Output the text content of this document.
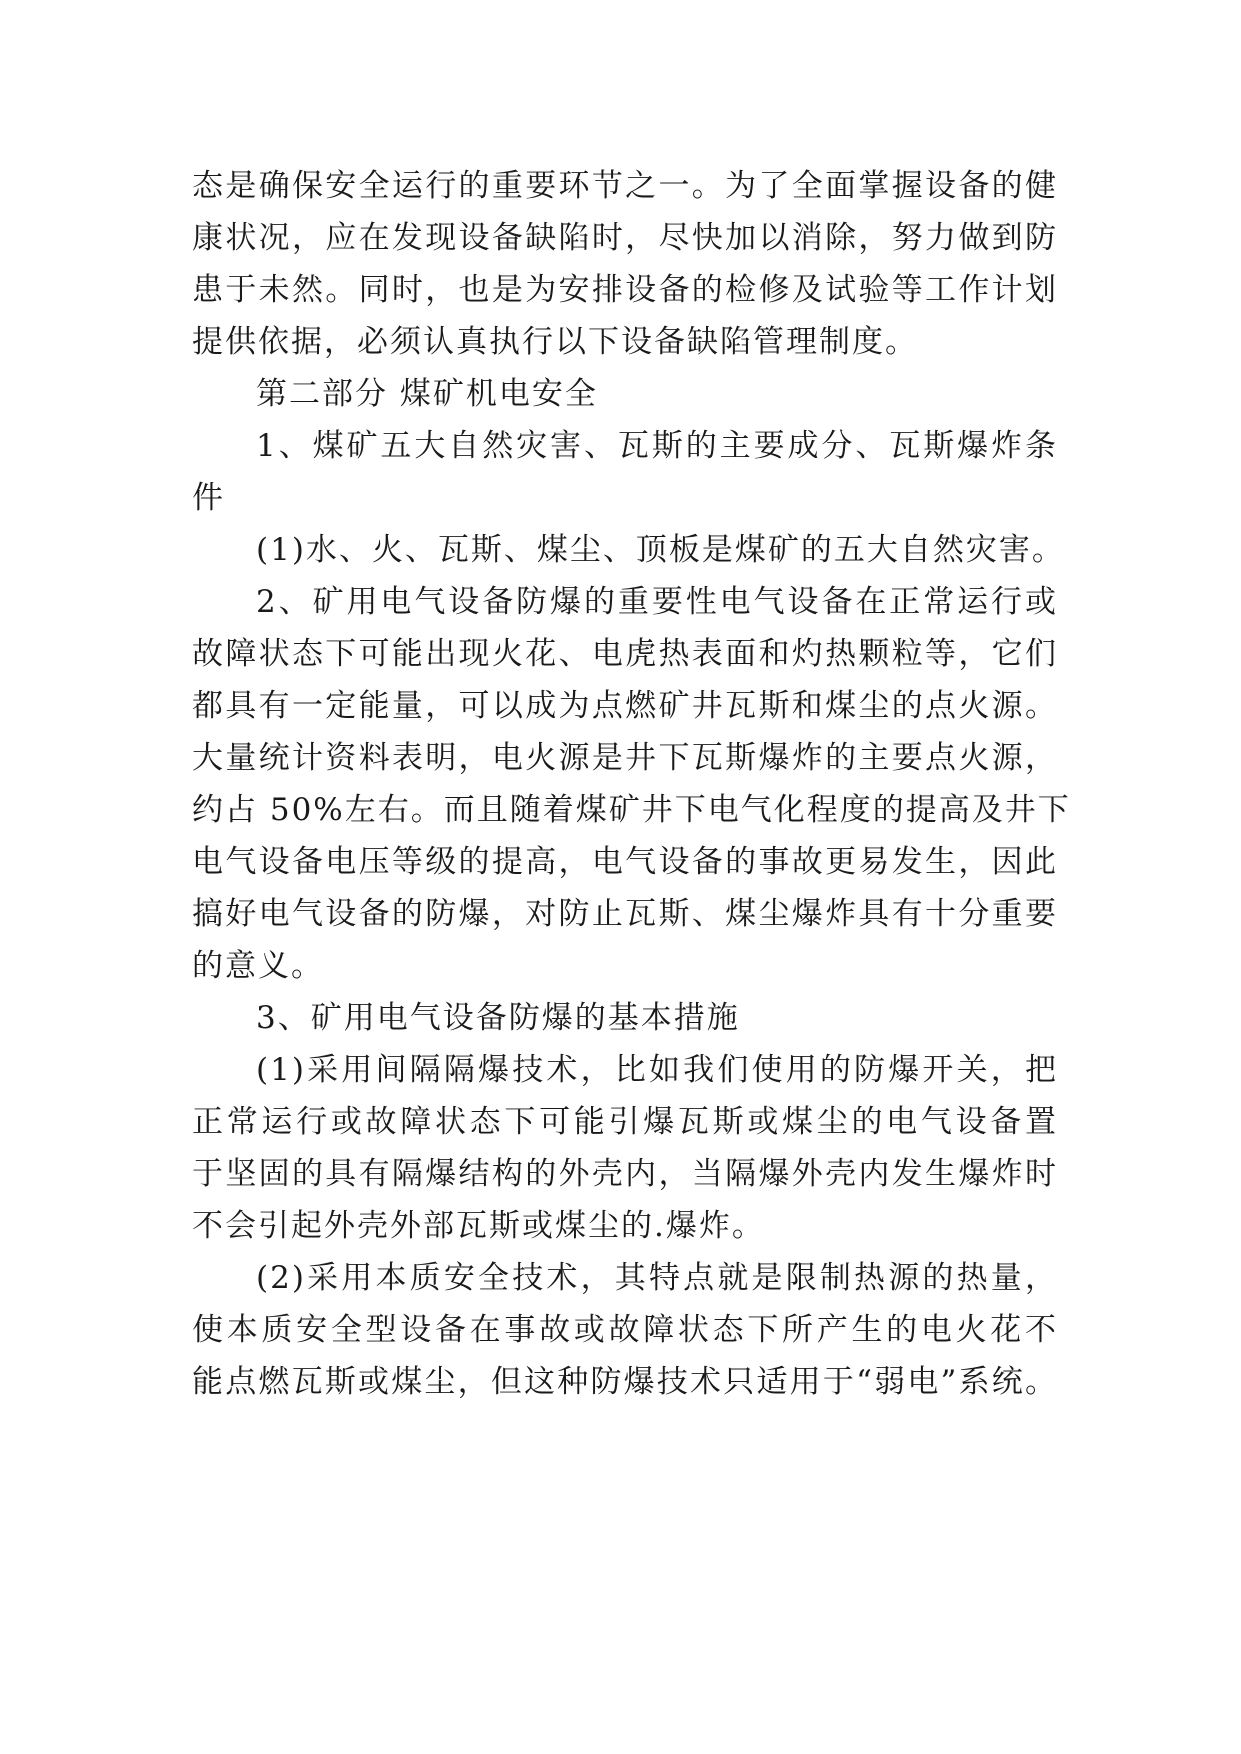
态是确保安全运行的重要环节之一。为了全面掌握设备的健
康状况，应在发现设备缺陷时，尽快加以消除，努力做到防
患于未然。同时，也是为安排设备的检修及试验等工作计划
提供依据，必须认真执行以下设备缺陷管理制度。
第二部分 煤矿机电安全
1、煤矿五大自然灾害、瓦斯的主要成分、瓦斯爆炸条
件
(1)水、火、瓦斯、煤尘、顶板是煤矿的五大自然灾害。
2、矿用电气设备防爆的重要性电气设备在正常运行或
故障状态下可能出现火花、电虎热表面和灼热颗粒等，它们
都具有一定能量，可以成为点燃矿井瓦斯和煤尘的点火源。
大量统计资料表明，电火源是井下瓦斯爆炸的主要点火源，
约占 50%左右。而且随着煤矿井下电气化程度的提高及井下
电气设备电压等级的提高，电气设备的事故更易发生，因此
搞好电气设备的防爆，对防止瓦斯、煤尘爆炸具有十分重要
的意义。
3、矿用电气设备防爆的基本措施
(1)采用间隔隔爆技术，比如我们使用的防爆开关，把
正常运行或故障状态下可能引爆瓦斯或煤尘的电气设备置
于坚固的具有隔爆结构的外壳内，当隔爆外壳内发生爆炸时
不会引起外壳外部瓦斯或煤尘的.爆炸。
(2)采用本质安全技术，其特点就是限制热源的热量，
使本质安全型设备在事故或故障状态下所产生的电火花不
能点燃瓦斯或煤尘，但这种防爆技术只适用于“弱电”系统。
